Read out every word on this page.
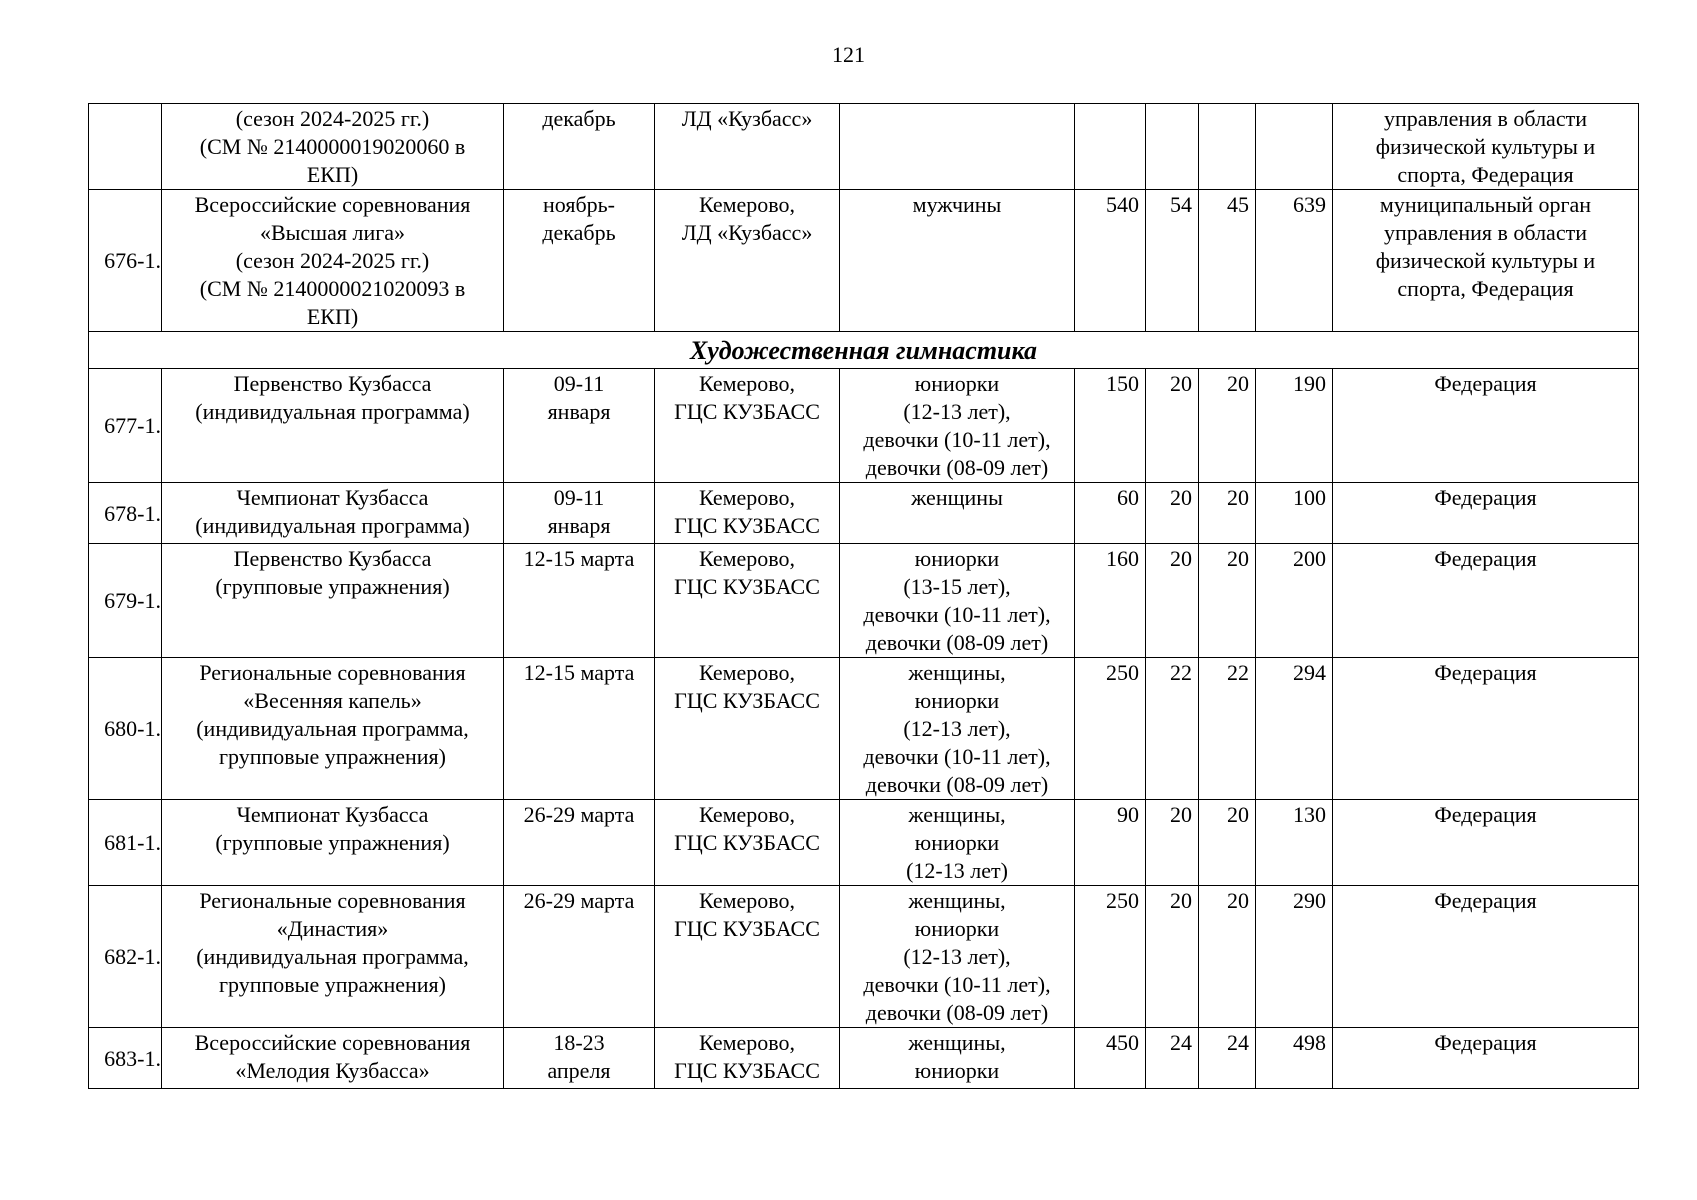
121

	(сезон 2024-2025 гг.)
(СМ № 2140000019020060 в
ЕКП)	декабрь	ЛД «Кузбасс»						управления в области
физической культуры и
спорта, Федерация

676-1.	Всероссийские соревнования
«Высшая лига»
(сезон 2024-2025 гг.)
(СМ № 2140000021020093 в
ЕКП)	ноябрь-
декабрь	Кемерово,
ЛД «Кузбасс»	мужчины	540	54	45	639	муниципальный орган
управления в области
физической культуры и
спорта, Федерация

Художественная гимнастика									
677-1.	Первенство Кузбасса
(индивидуальная программа)	09-11
января	Кемерово,
ГЦС КУЗБАСС	юниорки
(12-13 лет),
девочки (10-11 лет),
девочки (08-09 лет)	150	20	20	190	Федерация

678-1.	Чемпионат Кузбасса
(индивидуальная программа)	09-11
января	Кемерово,
ГЦС КУЗБАСС	женщины	60	20	20	100	Федерация

679-1.	Первенство Кузбасса
(групповые упражнения)	12-15 марта	Кемерово,
ГЦС КУЗБАСС	юниорки
(13-15 лет),
девочки (10-11 лет),
девочки (08-09 лет)	160	20	20	200	Федерация

680-1.	Региональные соревнования
«Весенняя капель»
(индивидуальная программа,
групповые упражнения)	12-15 марта	Кемерово,
ГЦС КУЗБАСС	женщины,
юниорки
(12-13 лет),
девочки (10-11 лет),
девочки (08-09 лет)	250	22	22	294	Федерация

681-1.	Чемпионат Кузбасса
(групповые упражнения)	26-29 марта	Кемерово,
ГЦС КУЗБАСС	женщины,
юниорки
(12-13 лет)	90	20	20	130	Федерация

682-1.	Региональные соревнования
«Династия»
(индивидуальная программа,
групповые упражнения)	26-29 марта	Кемерово,
ГЦС КУЗБАСС	женщины,
юниорки
(12-13 лет),
девочки (10-11 лет),
девочки (08-09 лет)	250	20	20	290	Федерация

683-1.	Всероссийские соревнования
«Мелодия Кузбасса»	18-23
апреля	Кемерово,
ГЦС КУЗБАСС	женщины,
юниорки	450	24	24	498	Федерация
